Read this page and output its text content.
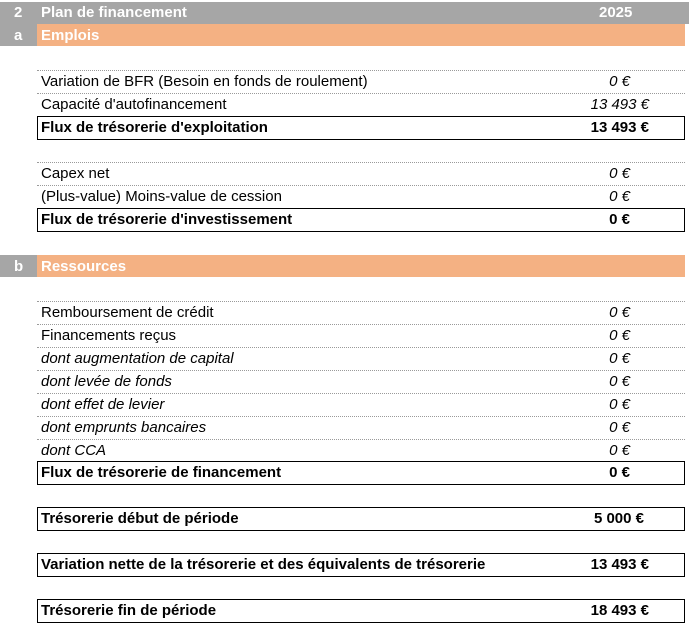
2 Plan de financement	2025
a Emplois
Variation de BFR (Besoin en fonds de roulement)	0 €
Capacité d'autofinancement	13 493 €
Flux de trésorerie d'exploitation	13 493 €
Capex net	0 €
(Plus-value) Moins-value de cession	0 €
Flux de trésorerie d'investissement	0 €
b Ressources
Remboursement de crédit	0 €
Financements reçus	0 €
dont augmentation de capital	0 €
dont levée de fonds	0 €
dont effet de levier	0 €
dont emprunts bancaires	0 €
dont CCA	0 €
Flux de trésorerie de financement	0 €
Trésorerie début de période	5 000 €
Variation nette de la trésorerie et des équivalents de trésorerie	13 493 €
Trésorerie fin de période	18 493 €
